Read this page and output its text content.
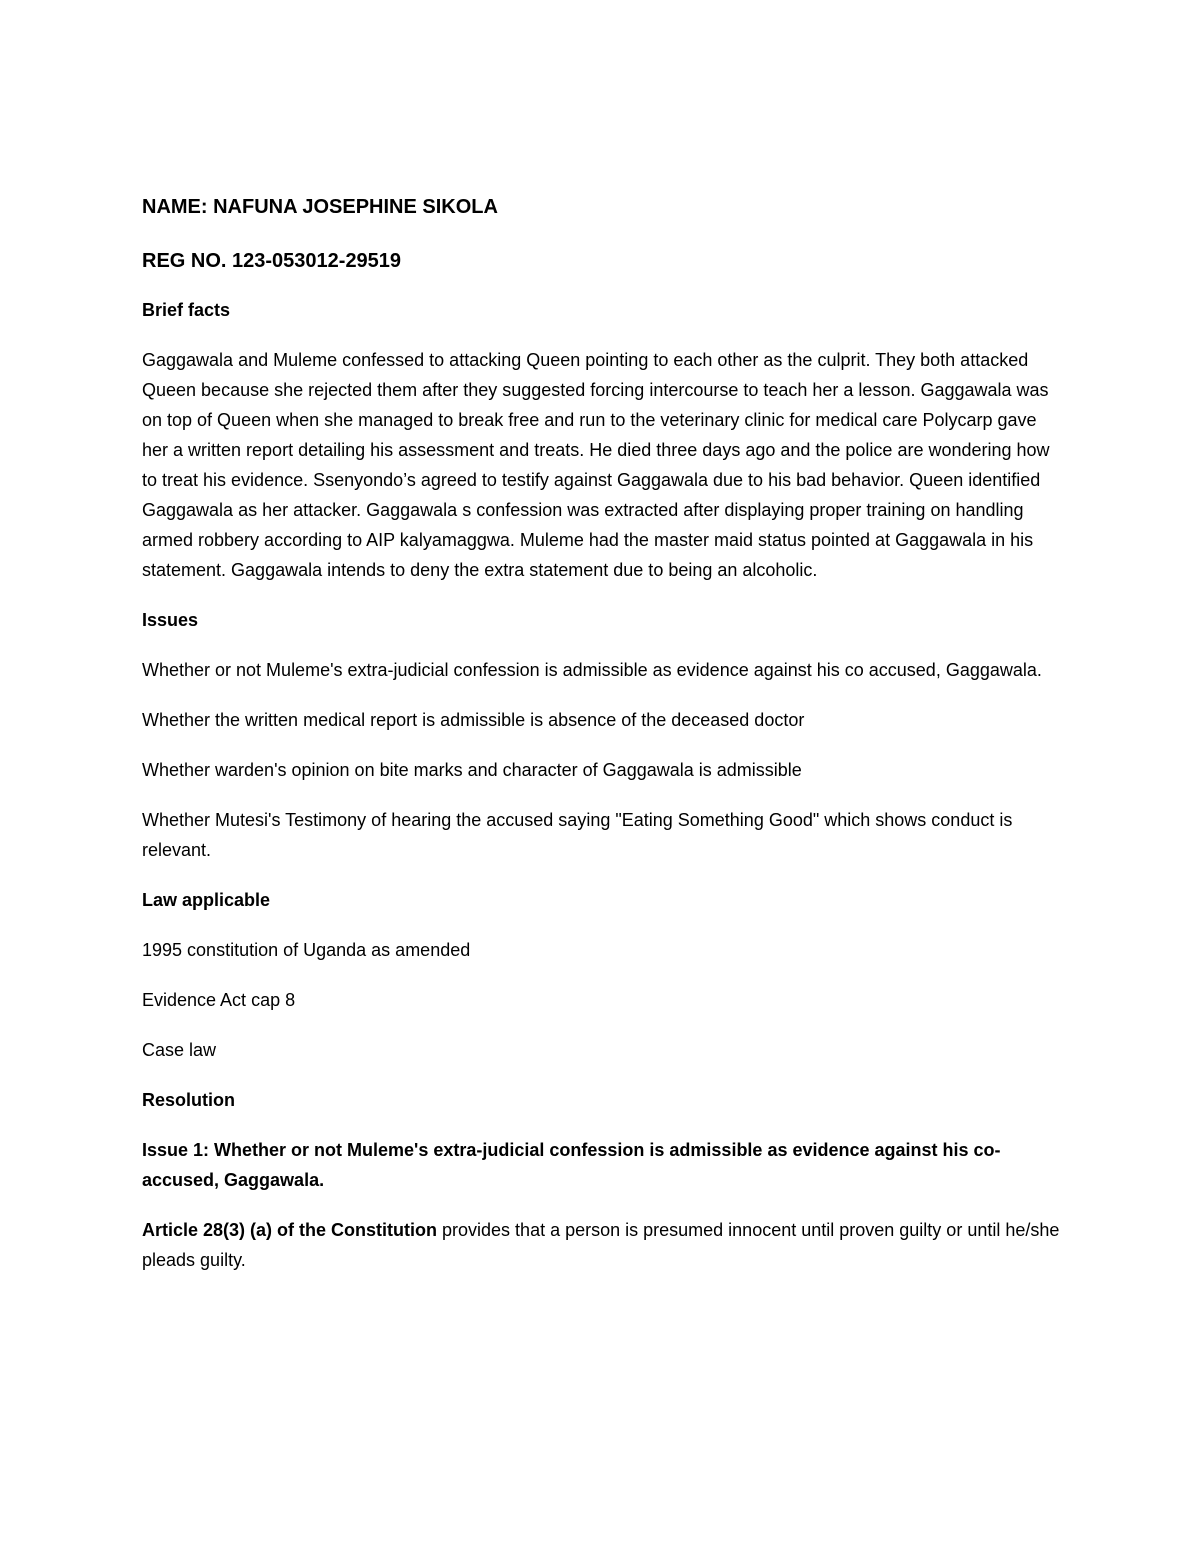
NAME: NAFUNA JOSEPHINE SIKOLA

REG NO. 123-053012-29519

Brief facts

Gaggawala and Muleme confessed to attacking Queen pointing to each other as the culprit. They both attacked Queen because she rejected them after they suggested forcing intercourse to teach her a lesson. Gaggawala was on top of Queen when she managed to break free and run to the veterinary clinic for medical care Polycarp gave her a written report detailing his assessment and treats. He died three days ago and the police are wondering how to treat his evidence. Ssenyondo’s agreed to testify against Gaggawala due to his bad behavior. Queen identified Gaggawala as her attacker. Gaggawala s confession was extracted after displaying proper training on handling armed robbery according to AIP kalyamaggwa. Muleme had the master maid status pointed at Gaggawala in his statement. Gaggawala intends to deny the extra statement due to being an alcoholic.

Issues

Whether or not Muleme's extra-judicial confession is admissible as evidence against his co accused, Gaggawala.

Whether the written medical report is admissible is absence of the deceased doctor

Whether warden's opinion on bite marks and character of Gaggawala is admissible

Whether Mutesi's Testimony of hearing the accused saying "Eating Something Good" which shows conduct is relevant.

Law applicable

1995 constitution of Uganda as amended

Evidence Act cap 8

Case law

Resolution

Issue 1: Whether or not Muleme's extra-judicial confession is admissible as evidence against his co-accused, Gaggawala.

Article 28(3) (a) of the Constitution provides that a person is presumed innocent until proven guilty or until he/she pleads guilty.
